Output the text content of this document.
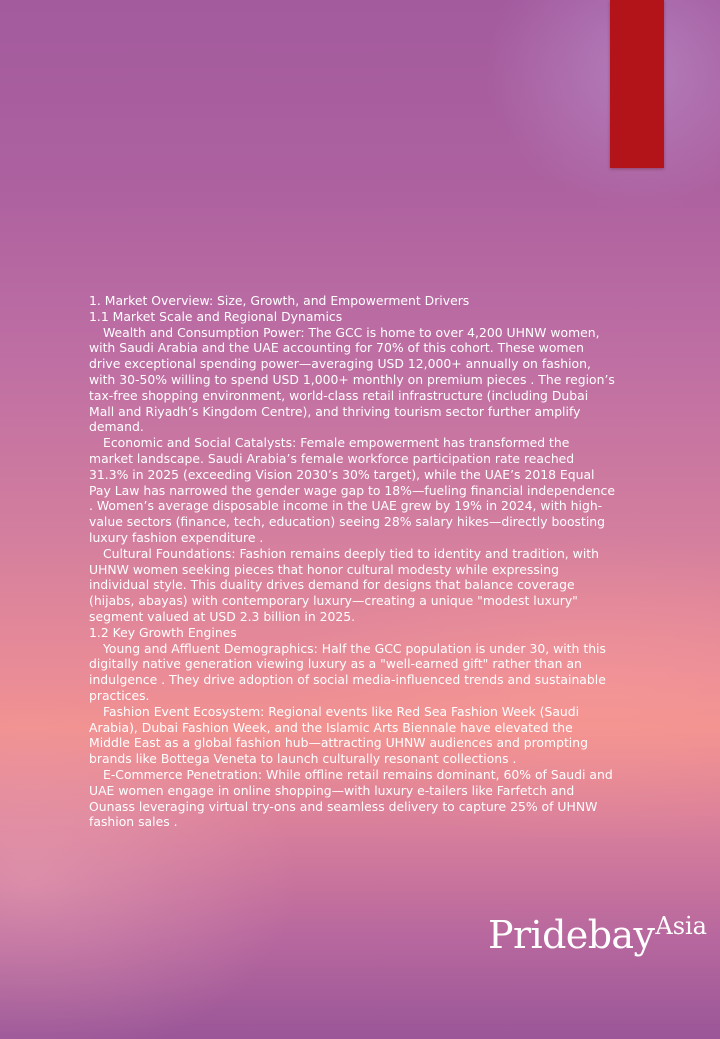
1. Market Overview: Size, Growth, and Empowerment Drivers

1.1 Market Scale and Regional Dynamics

Wealth and Consumption Power: The GCC is home to over 4,200 UHNW women, with Saudi Arabia and the UAE accounting for 70% of this cohort. These women drive exceptional spending power—averaging USD 12,000+ annually on fashion, with 30-50% willing to spend USD 1,000+ monthly on premium pieces . The region’s tax-free shopping environment, world-class retail infrastructure (including Dubai Mall and Riyadh’s Kingdom Centre), and thriving tourism sector further amplify demand.

Economic and Social Catalysts: Female empowerment has transformed the market landscape. Saudi Arabia’s female workforce participation rate reached 31.3% in 2025 (exceeding Vision 2030’s 30% target), while the UAE’s 2018 Equal Pay Law has narrowed the gender wage gap to 18%—fueling financial independence . Women’s average disposable income in the UAE grew by 19% in 2024, with high-value sectors (finance, tech, education) seeing 28% salary hikes—directly boosting luxury fashion expenditure .

Cultural Foundations: Fashion remains deeply tied to identity and tradition, with UHNW women seeking pieces that honor cultural modesty while expressing individual style. This duality drives demand for designs that balance coverage (hijabs, abayas) with contemporary luxury—creating a unique "modest luxury" segment valued at USD 2.3 billion in 2025.

1.2 Key Growth Engines

Young and Affluent Demographics: Half the GCC population is under 30, with this digitally native generation viewing luxury as a "well-earned gift" rather than an indulgence . They drive adoption of social media-influenced trends and sustainable practices.

Fashion Event Ecosystem: Regional events like Red Sea Fashion Week (Saudi Arabia), Dubai Fashion Week, and the Islamic Arts Biennale have elevated the Middle East as a global fashion hub—attracting UHNW audiences and prompting brands like Bottega Veneta to launch culturally resonant collections .

E-Commerce Penetration: While offline retail remains dominant, 60% of Saudi and UAE women engage in online shopping—with luxury e-tailers like Farfetch and Ounass leveraging virtual try-ons and seamless delivery to capture 25% of UHNW fashion sales .

PridebayAsia
